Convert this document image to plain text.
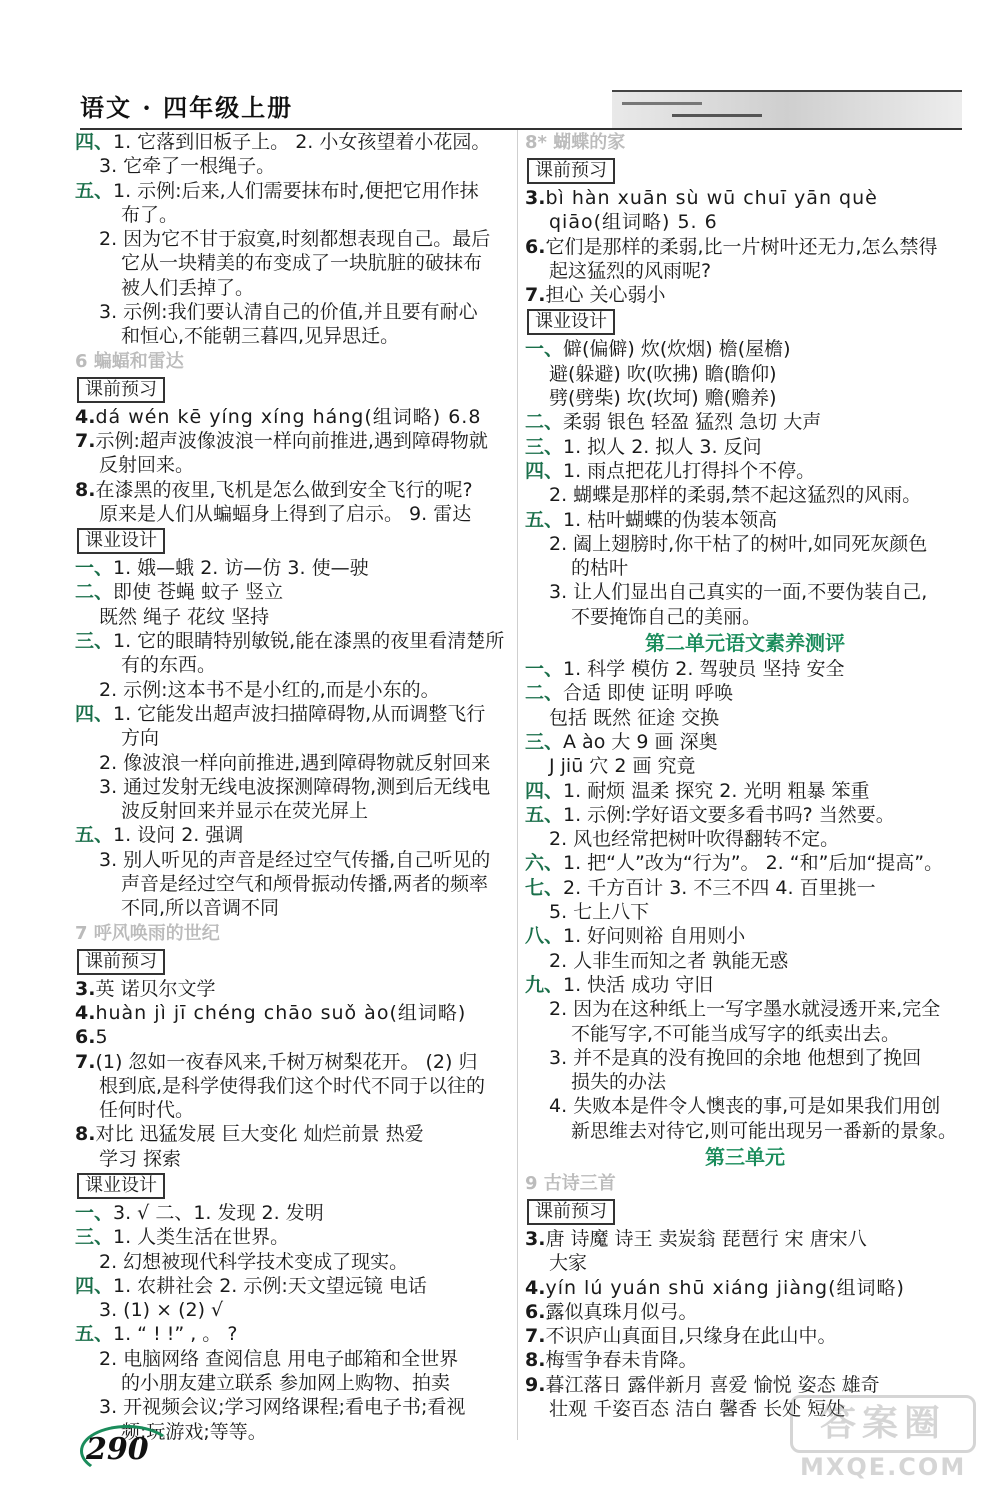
语文 · 四年级上册
四、1. 它落到旧板子上。 2. 小女孩望着小花园。
3. 它牵了一根绳子。
五、1. 示例:后来,人们需要抹布时,便把它用作抹
布了。
2. 因为它不甘于寂寞,时刻都想表现自己。最后
它从一块精美的布变成了一块肮脏的破抹布
被人们丢掉了。
3. 示例:我们要认清自己的价值,并且要有耐心
和恒心,不能朝三暮四,见异思迁。
6 蝙蝠和雷达
课前预习
4.dá wén kē yíng xíng háng(组词略) 6.8
7.示例:超声波像波浪一样向前推进,遇到障碍物就
反射回来。
8.在漆黑的夜里,飞机是怎么做到安全飞行的呢?
原来是人们从蝙蝠身上得到了启示。 9. 雷达
课业设计
一、1. 娥—蛾 2. 访—仿 3. 使—驶
二、即使 苍蝇 蚊子 竖立
既然 绳子 花纹 坚持
三、1. 它的眼睛特别敏锐,能在漆黑的夜里看清楚所
有的东西。
2. 示例:这本书不是小红的,而是小东的。
四、1. 它能发出超声波扫描障碍物,从而调整飞行
方向
2. 像波浪一样向前推进,遇到障碍物就反射回来
3. 通过发射无线电波探测障碍物,测到后无线电
波反射回来并显示在荧光屏上
五、1. 设问 2. 强调
3. 别人听见的声音是经过空气传播,自己听见的
声音是经过空气和颅骨振动传播,两者的频率
不同,所以音调不同
7 呼风唤雨的世纪
课前预习
3.英 诺贝尔文学
4.huàn jì jī chéng chāo suǒ ào(组词略)
6.5
7.(1) 忽如一夜春风来,千树万树梨花开。 (2) 归
根到底,是科学使得我们这个时代不同于以往的
任何时代。
8.对比 迅猛发展 巨大变化 灿烂前景 热爱
学习 探索
课业设计
一、3. √ 二、1. 发现 2. 发明
三、1. 人类生活在世界。
2. 幻想被现代科学技术变成了现实。
四、1. 农耕社会 2. 示例:天文望远镜 电话
3. (1) × (2) √
五、1. “ ! !” , 。 ?
2. 电脑网络 查阅信息 用电子邮箱和全世界
的小朋友建立联系 参加网上购物、拍卖
3. 开视频会议;学习网络课程;看电子书;看视
频;玩游戏;等等。
8* 蝴蝶的家
课前预习
3.bì hàn xuān sù wū chuī yān què
qiāo(组词略) 5. 6
6.它们是那样的柔弱,比一片树叶还无力,怎么禁得
起这猛烈的风雨呢?
7.担心 关心弱小
课业设计
一、僻(偏僻) 炊(炊烟) 檐(屋檐)
避(躲避) 吹(吹拂) 瞻(瞻仰)
劈(劈柴) 坎(坎坷) 赡(赡养)
二、柔弱 银色 轻盈 猛烈 急切 大声
三、1. 拟人 2. 拟人 3. 反问
四、1. 雨点把花儿打得抖个不停。
2. 蝴蝶是那样的柔弱,禁不起这猛烈的风雨。
五、1. 枯叶蝴蝶的伪装本领高
2. 阖上翅膀时,你干枯了的树叶,如同死灰颜色
的枯叶
3. 让人们显出自己真实的一面,不要伪装自己,
不要掩饰自己的美丽。
第二单元语文素养测评
一、1. 科学 模仿 2. 驾驶员 坚持 安全
二、合适 即使 证明 呼唤
包括 既然 征途 交换
三、A ào 大 9 画 深奥
J jiū 穴 2 画 究竟
四、1. 耐烦 温柔 探究 2. 光明 粗暴 笨重
五、1. 示例:学好语文要多看书吗? 当然要。
2. 风也经常把树叶吹得翻转不定。
六、1. 把“人”改为“行为”。 2. “和”后加“提高”。
七、2. 千方百计 3. 不三不四 4. 百里挑一
5. 七上八下
八、1. 好问则裕 自用则小
2. 人非生而知之者 孰能无惑
九、1. 快活 成功 守旧
2. 因为在这种纸上一写字墨水就浸透开来,完全
不能写字,不可能当成写字的纸卖出去。
3. 并不是真的没有挽回的余地 他想到了挽回
损失的办法
4. 失败本是件令人懊丧的事,可是如果我们用创
新思维去对待它,则可能出现另一番新的景象。
第三单元
9 古诗三首
课前预习
3.唐 诗魔 诗王 卖炭翁 琵琶行 宋 唐宋八
大家
4.yín lú yuán shū xiáng jiàng(组词略)
6.露似真珠月似弓。
7.不识庐山真面目,只缘身在此山中。
8.梅雪争春未肯降。
9.暮江落日 露伴新月 喜爱 愉悦 姿态 雄奇
壮观 千姿百态 洁白 馨香 长处 短处
290
答案圈
MXQE.COM
